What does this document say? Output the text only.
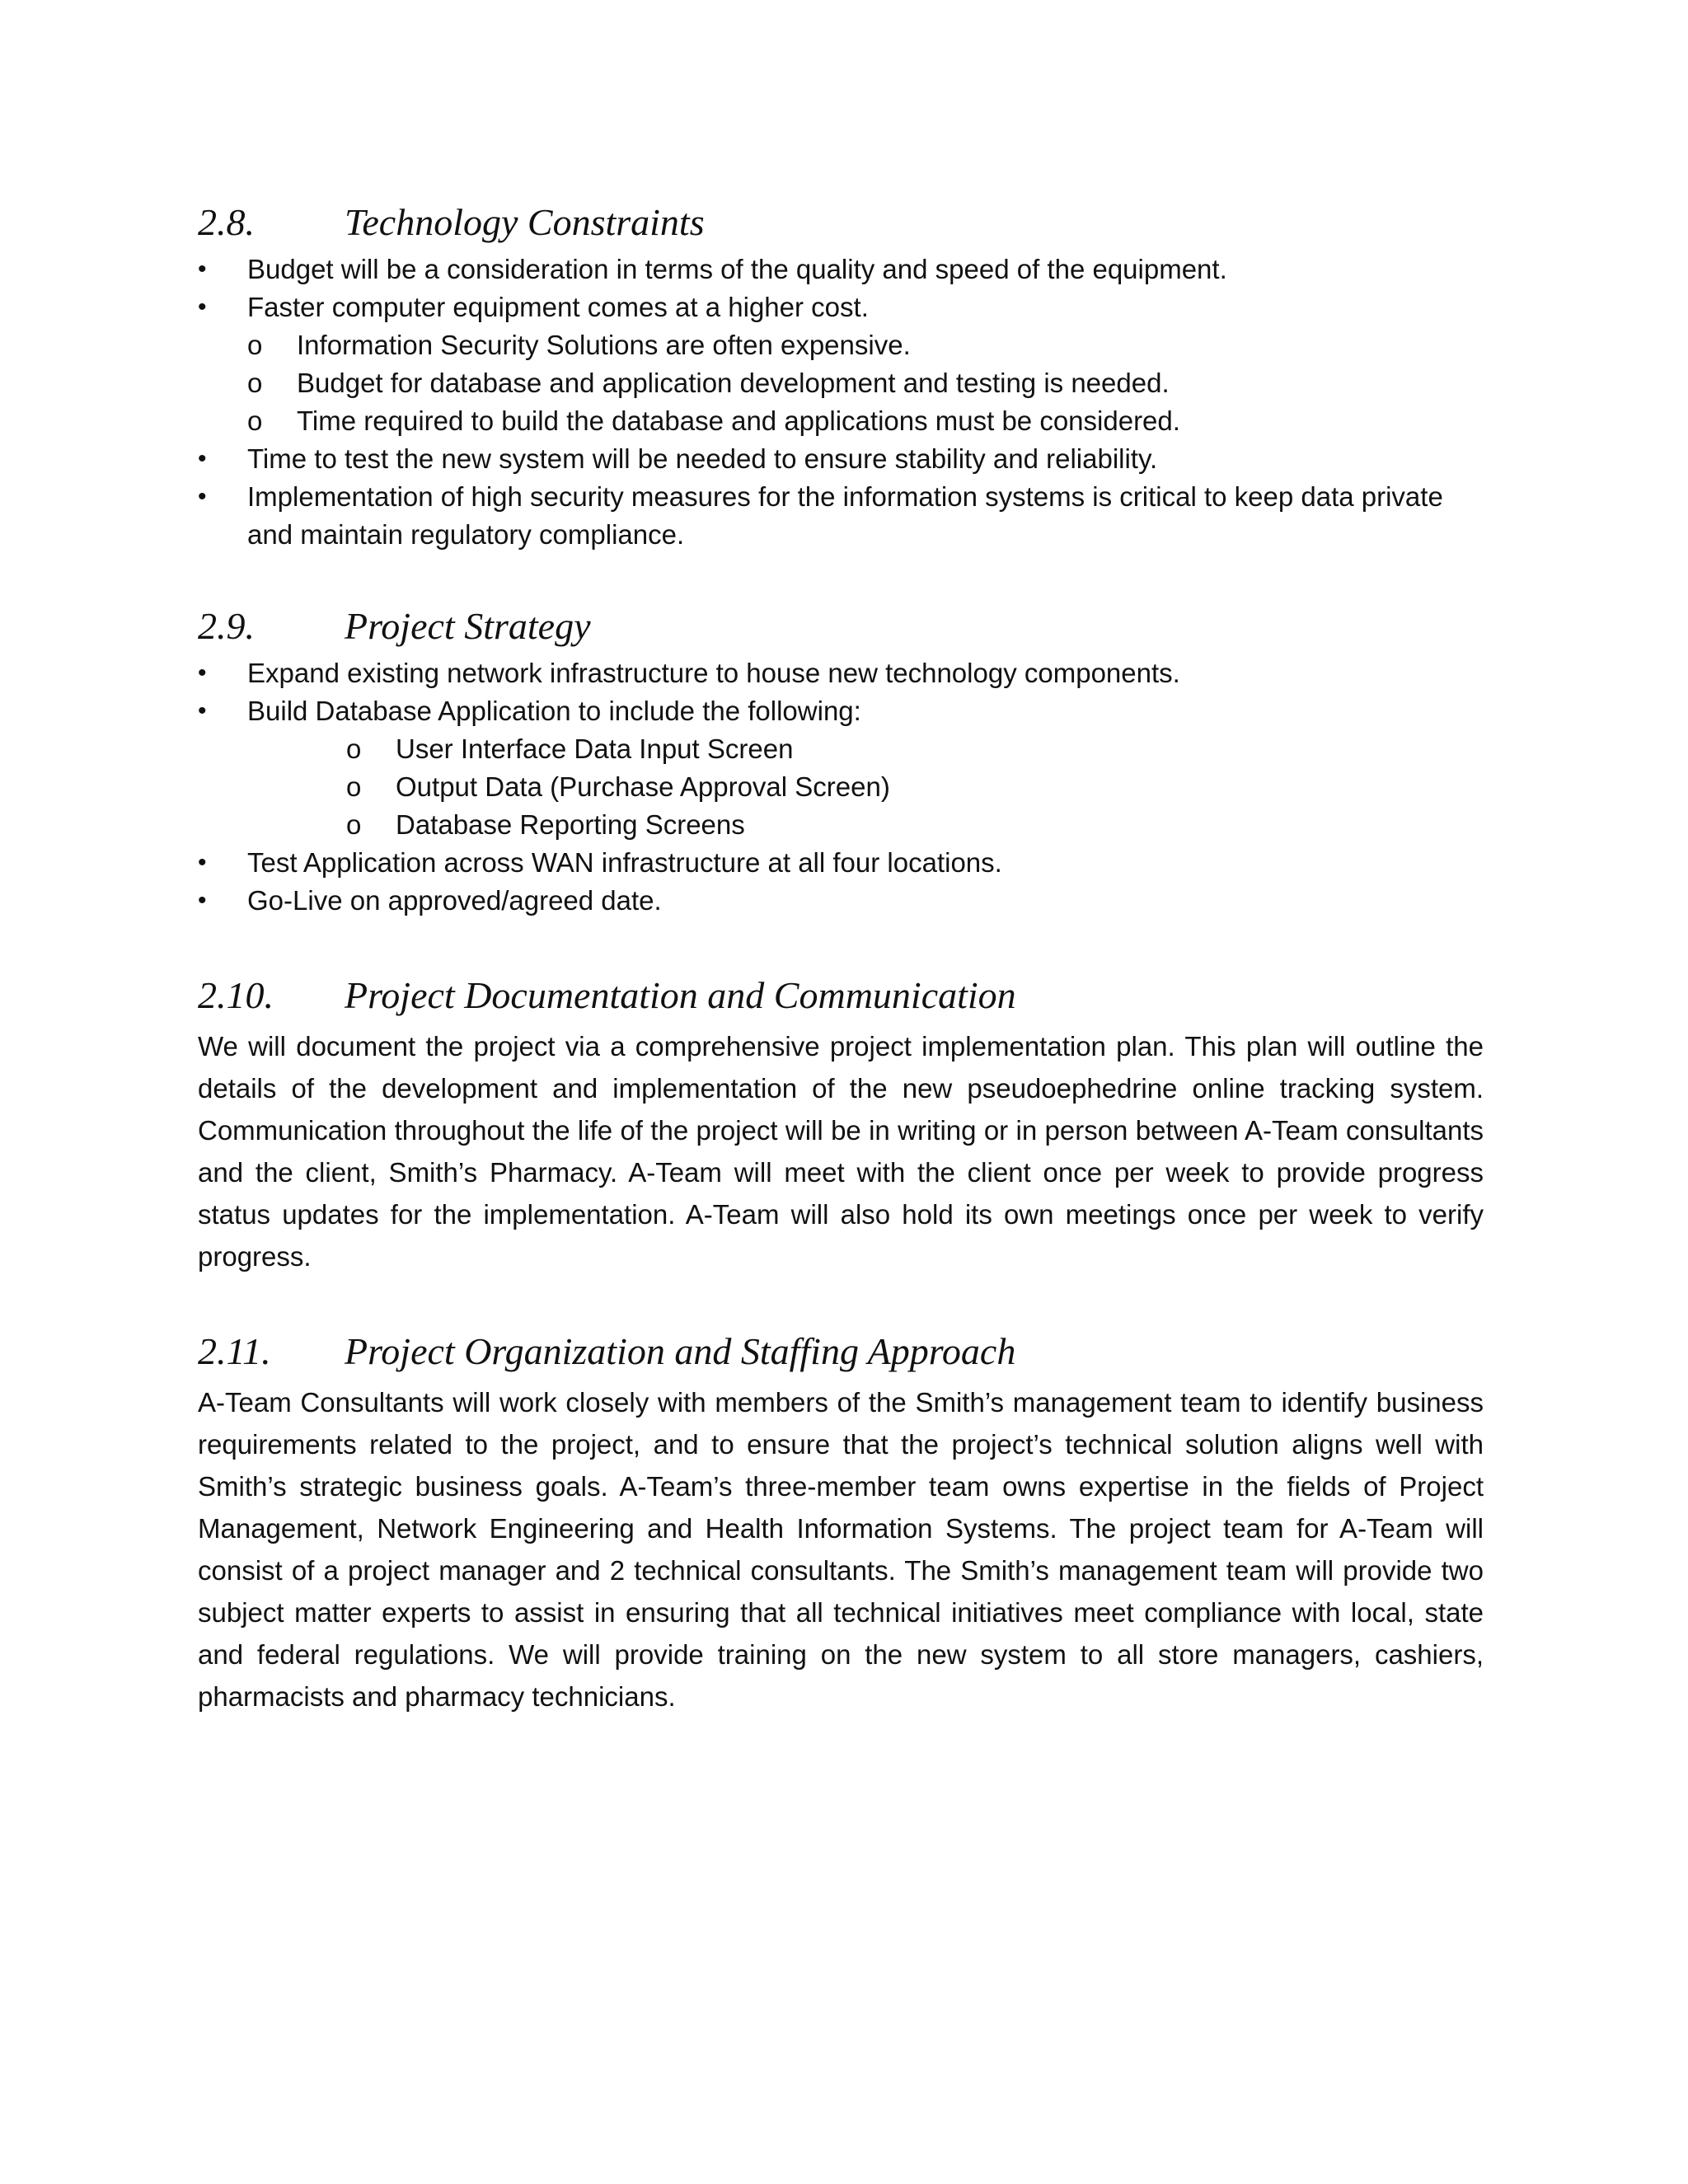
2.8. Technology Constraints
• Budget will be a consideration in terms of the quality and speed of the equipment.
• Faster computer equipment comes at a higher cost.
o Information Security Solutions are often expensive.
o Budget for database and application development and testing is needed.
o Time required to build the database and applications must be considered.
• Time to test the new system will be needed to ensure stability and reliability.
• Implementation of high security measures for the information systems is critical to keep data private and maintain regulatory compliance.
2.9. Project Strategy
• Expand existing network infrastructure to house new technology components.
• Build Database Application to include the following:
o User Interface Data Input Screen
o Output Data (Purchase Approval Screen)
o Database Reporting Screens
• Test Application across WAN infrastructure at all four locations.
• Go-Live on approved/agreed date.
2.10. Project Documentation and Communication

We will document the project via a comprehensive project implementation plan. This plan will outline the details of the development and implementation of the new pseudoephedrine online tracking system. Communication throughout the life of the project will be in writing or in person between A-Team consultants and the client, Smith’s Pharmacy. A-Team will meet with the client once per week to provide progress status updates for the implementation. A-Team will also hold its own meetings once per week to verify progress.

2.11. Project Organization and Staffing Approach

A-Team Consultants will work closely with members of the Smith’s management team to identify business requirements related to the project, and to ensure that the project’s technical solution aligns well with Smith’s strategic business goals. A-Team’s three-member team owns expertise in the fields of Project Management, Network Engineering and Health Information Systems. The project team for A-Team will consist of a project manager and 2 technical consultants. The Smith’s management team will provide two subject matter experts to assist in ensuring that all technical initiatives meet compliance with local, state and federal regulations. We will provide training on the new system to all store managers, cashiers, pharmacists and pharmacy technicians.
